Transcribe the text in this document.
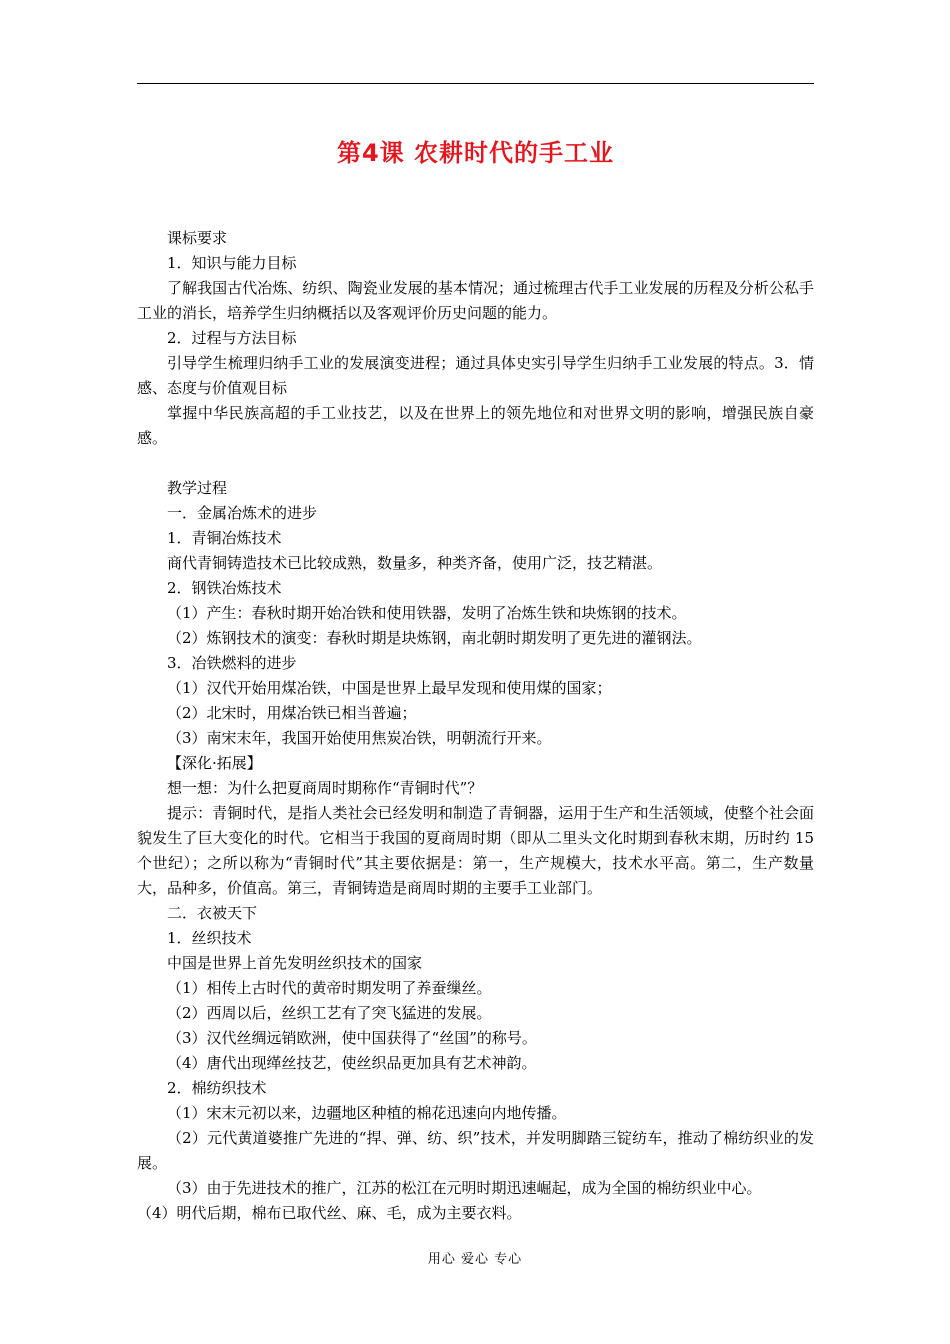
第4课 农耕时代的手工业
课标要求
1．知识与能力目标
了解我国古代冶炼、纺织、陶瓷业发展的基本情况；通过梳理古代手工业发展的历程及分析公私手工业的消长，培养学生归纳概括以及客观评价历史问题的能力。
2．过程与方法目标
引导学生梳理归纳手工业的发展演变进程；通过具体史实引导学生归纳手工业发展的特点。3．情感、态度与价值观目标
掌握中华民族高超的手工业技艺，以及在世界上的领先地位和对世界文明的影响，增强民族自豪感。
教学过程
一．金属冶炼术的进步
1．青铜冶炼技术
商代青铜铸造技术已比较成熟，数量多，种类齐备，使用广泛，技艺精湛。
2．钢铁冶炼技术
（1）产生：春秋时期开始冶铁和使用铁器，发明了冶炼生铁和块炼钢的技术。
（2）炼钢技术的演变：春秋时期是块炼钢，南北朝时期发明了更先进的灌钢法。
3．冶铁燃料的进步
（1）汉代开始用煤冶铁，中国是世界上最早发现和使用煤的国家；
（2）北宋时，用煤冶铁已相当普遍；
（3）南宋末年，我国开始使用焦炭冶铁，明朝流行开来。
【深化·拓展】
想一想：为什么把夏商周时期称作“青铜时代”？
提示：青铜时代，是指人类社会已经发明和制造了青铜器，运用于生产和生活领域，使整个社会面貌发生了巨大变化的时代。它相当于我国的夏商周时期（即从二里头文化时期到春秋末期，历时约 15 个世纪）；之所以称为“青铜时代”其主要依据是：第一，生产规模大，技术水平高。第二，生产数量大，品种多，价值高。第三，青铜铸造是商周时期的主要手工业部门。
二．衣被天下
1．丝织技术
中国是世界上首先发明丝织技术的国家
（1）相传上古时代的黄帝时期发明了养蚕缫丝。
（2）西周以后，丝织工艺有了突飞猛进的发展。
（3）汉代丝绸远销欧洲，使中国获得了“丝国”的称号。
（4）唐代出现缂丝技艺，使丝织品更加具有艺术神韵。
2．棉纺织技术
（1）宋末元初以来，边疆地区种植的棉花迅速向内地传播。
（2）元代黄道婆推广先进的“捍、弹、纺、织”技术，并发明脚踏三锭纺车，推动了棉纺织业的发展。
（3）由于先进技术的推广，江苏的松江在元明时期迅速崛起，成为全国的棉纺织业中心。
（4）明代后期，棉布已取代丝、麻、毛，成为主要衣料。
用心 爱心 专心
